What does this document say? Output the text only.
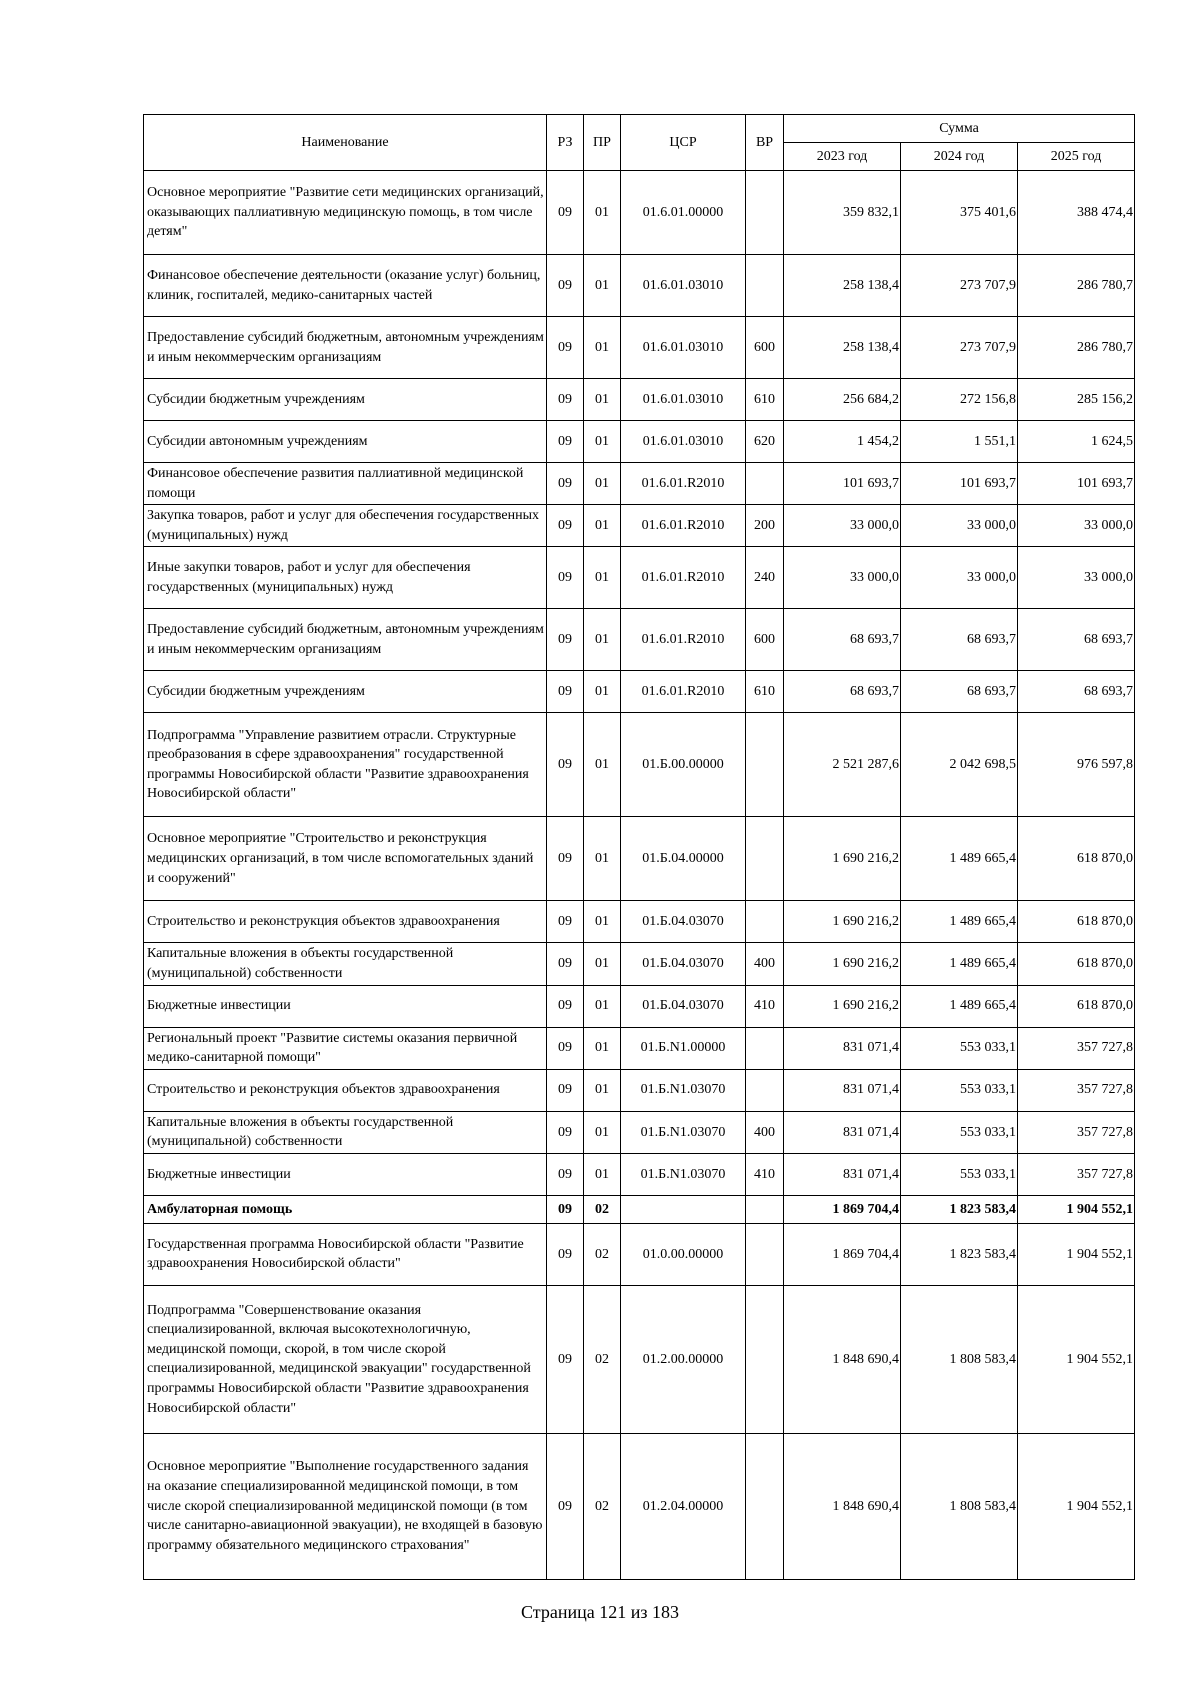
Наименование	РЗ	ПР	ЦСР	ВР	Сумма		
					2023 год	2024 год	2025 год
Основное мероприятие "Развитие сети медицинских организаций, оказывающих паллиативную медицинскую помощь, в том числе детям"	09	01	01.6.01.00000		359 832,1	375 401,6	388 474,4
Финансовое обеспечение деятельности (оказание услуг) больниц, клиник, госпиталей, медико-санитарных частей	09	01	01.6.01.03010		258 138,4	273 707,9	286 780,7
Предоставление субсидий бюджетным, автономным учреждениям и иным некоммерческим организациям	09	01	01.6.01.03010	600	258 138,4	273 707,9	286 780,7
Субсидии бюджетным учреждениям	09	01	01.6.01.03010	610	256 684,2	272 156,8	285 156,2
Субсидии автономным учреждениям	09	01	01.6.01.03010	620	1 454,2	1 551,1	1 624,5
Финансовое обеспечение развития паллиативной медицинской помощи	09	01	01.6.01.R2010		101 693,7	101 693,7	101 693,7
Закупка товаров, работ и услуг для обеспечения государственных (муниципальных) нужд	09	01	01.6.01.R2010	200	33 000,0	33 000,0	33 000,0
Иные закупки товаров, работ и услуг для обеспечения государственных (муниципальных) нужд	09	01	01.6.01.R2010	240	33 000,0	33 000,0	33 000,0
Предоставление субсидий бюджетным, автономным учреждениям и иным некоммерческим организациям	09	01	01.6.01.R2010	600	68 693,7	68 693,7	68 693,7
Субсидии бюджетным учреждениям	09	01	01.6.01.R2010	610	68 693,7	68 693,7	68 693,7
Подпрограмма "Управление развитием отрасли. Структурные преобразования в сфере здравоохранения" государственной программы Новосибирской области "Развитие здравоохранения Новосибирской области"	09	01	01.Б.00.00000		2 521 287,6	2 042 698,5	976 597,8
Основное мероприятие "Строительство и реконструкция медицинских организаций, в том числе вспомогательных зданий и сооружений"	09	01	01.Б.04.00000		1 690 216,2	1 489 665,4	618 870,0
Строительство и реконструкция объектов здравоохранения	09	01	01.Б.04.03070		1 690 216,2	1 489 665,4	618 870,0
Капитальные вложения в объекты государственной (муниципальной) собственности	09	01	01.Б.04.03070	400	1 690 216,2	1 489 665,4	618 870,0
Бюджетные инвестиции	09	01	01.Б.04.03070	410	1 690 216,2	1 489 665,4	618 870,0
Региональный проект "Развитие системы оказания первичной медико-санитарной помощи"	09	01	01.Б.N1.00000		831 071,4	553 033,1	357 727,8
Строительство и реконструкция объектов здравоохранения	09	01	01.Б.N1.03070		831 071,4	553 033,1	357 727,8
Капитальные вложения в объекты государственной (муниципальной) собственности	09	01	01.Б.N1.03070	400	831 071,4	553 033,1	357 727,8
Бюджетные инвестиции	09	01	01.Б.N1.03070	410	831 071,4	553 033,1	357 727,8
Амбулаторная помощь	09	02			1 869 704,4	1 823 583,4	1 904 552,1
Государственная программа Новосибирской области "Развитие здравоохранения Новосибирской области"	09	02	01.0.00.00000		1 869 704,4	1 823 583,4	1 904 552,1
Подпрограмма "Совершенствование оказания специализированной, включая высокотехнологичную, медицинской помощи, скорой, в том числе скорой специализированной, медицинской эвакуации" государственной программы Новосибирской области "Развитие здравоохранения Новосибирской области"	09	02	01.2.00.00000		1 848 690,4	1 808 583,4	1 904 552,1
Основное мероприятие "Выполнение государственного задания на оказание специализированной медицинской помощи, в том числе скорой специализированной медицинской помощи (в том числе санитарно-авиационной эвакуации), не входящей в базовую программу обязательного медицинского страхования"	09	02	01.2.04.00000		1 848 690,4	1 808 583,4	1 904 552,1
Страница 121 из 183
